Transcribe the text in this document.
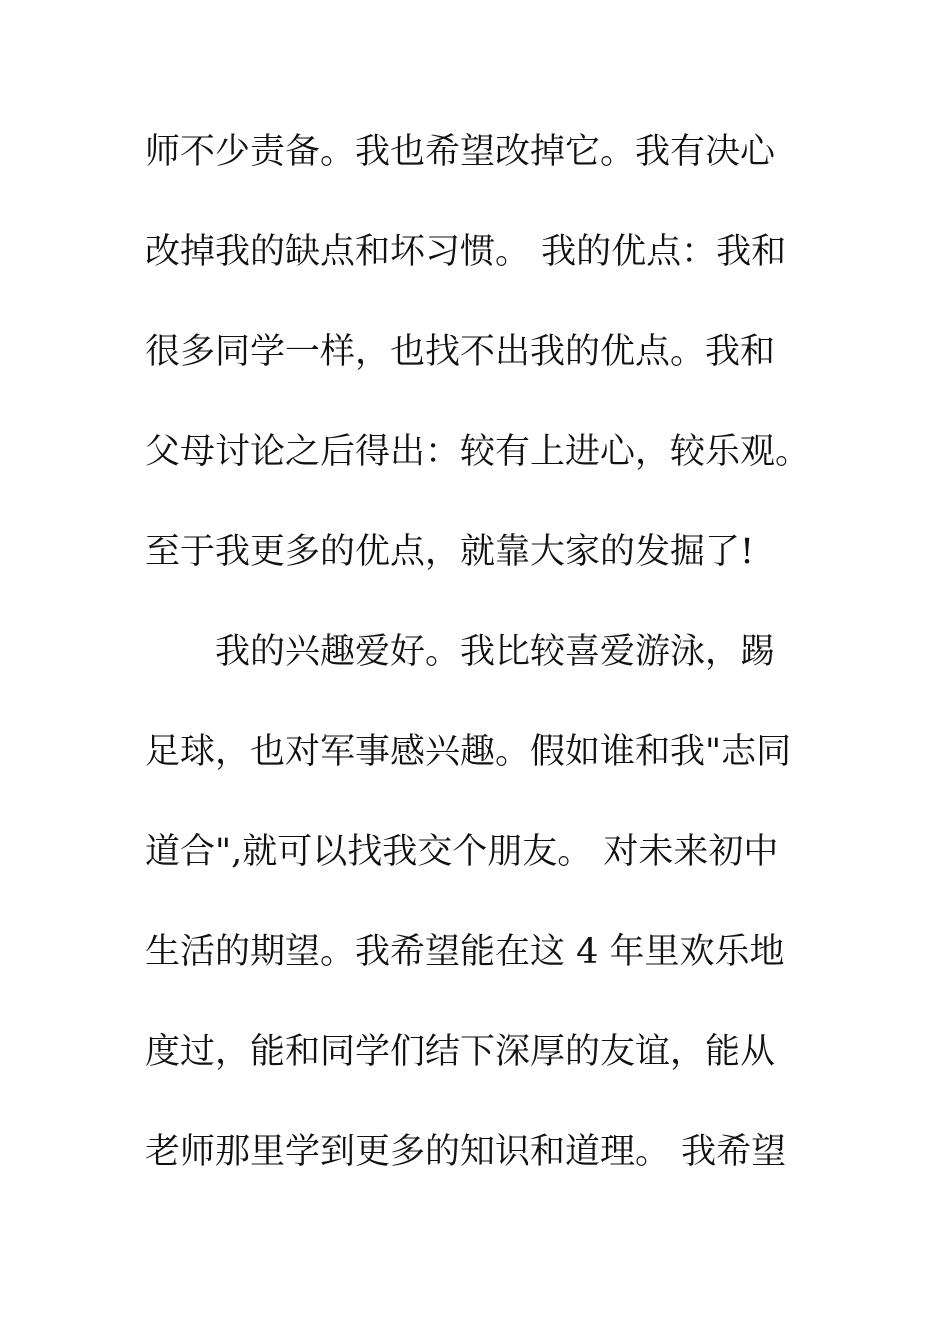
师不少责备。我也希望改掉它。我有决心
改掉我的缺点和坏习惯。 我的优点：我和
很多同学一样，也找不出我的优点。我和
父母讨论之后得出：较有上进心，较乐观。
至于我更多的优点，就靠大家的发掘了!
　　我的兴趣爱好。我比较喜爱游泳，踢
足球，也对军事感兴趣。假如谁和我"志同
道合",就可以找我交个朋友。 对未来初中
生活的期望。我希望能在这 4 年里欢乐地
度过，能和同学们结下深厚的友谊，能从
老师那里学到更多的知识和道理。 我希望
